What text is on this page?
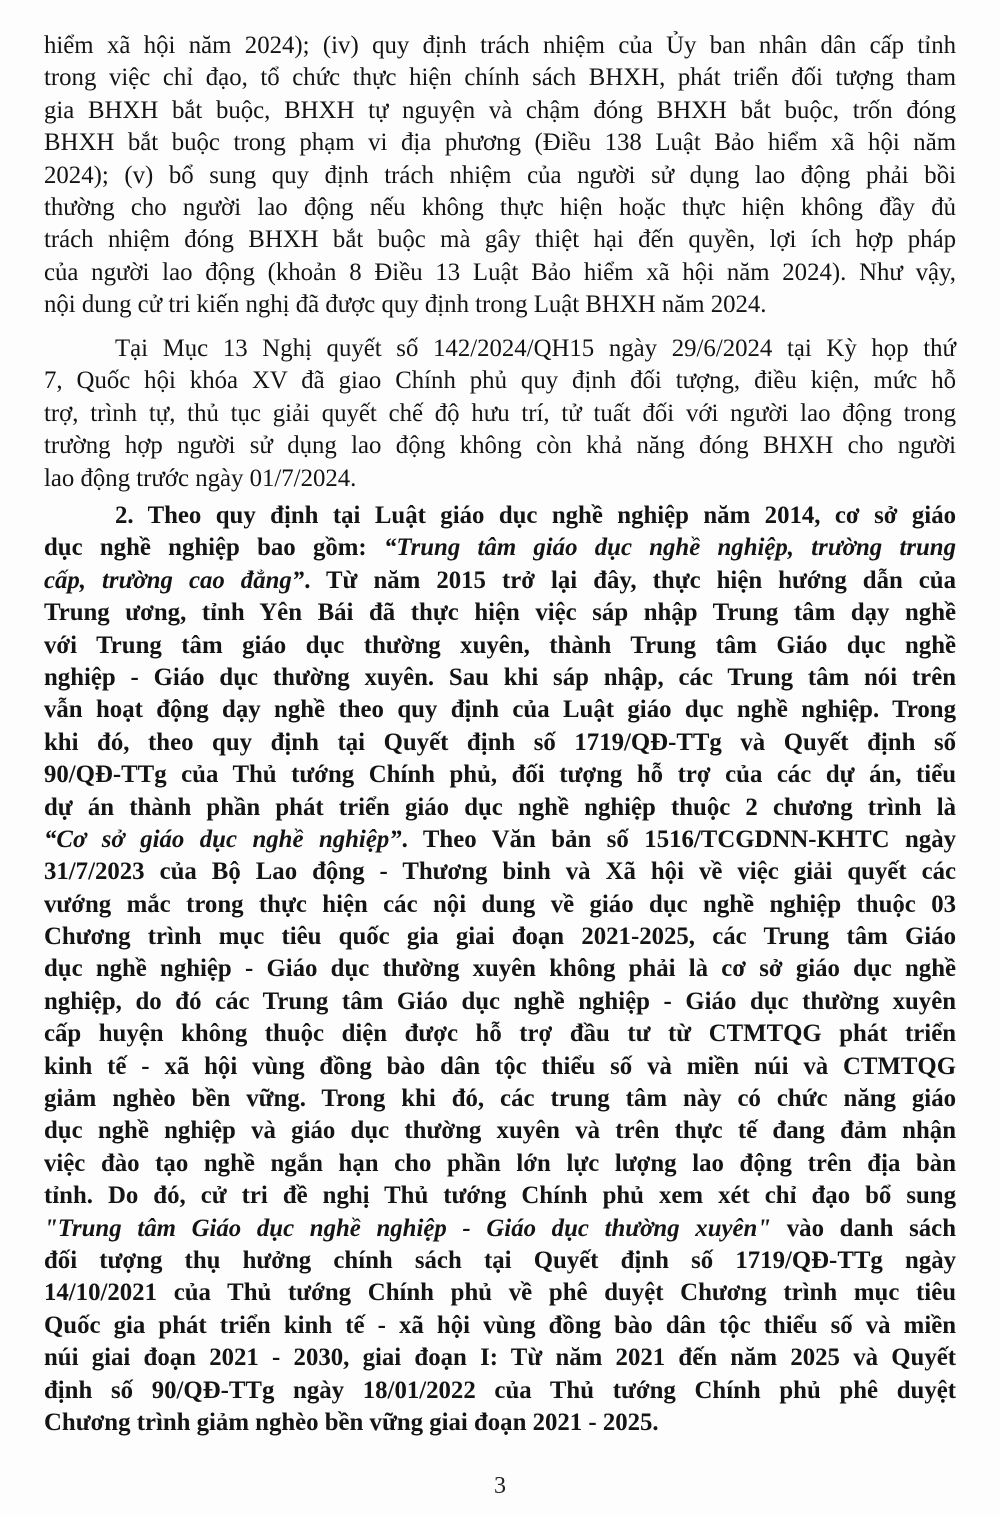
hiểm xã hội năm 2024); (iv) quy định trách nhiệm của Ủy ban nhân dân cấp tỉnh
trong việc chỉ đạo, tổ chức thực hiện chính sách BHXH, phát triển đối tượng tham
gia BHXH bắt buộc, BHXH tự nguyện và chậm đóng BHXH bắt buộc, trốn đóng
BHXH bắt buộc trong phạm vi địa phương (Điều 138 Luật Bảo hiểm xã hội năm
2024); (v) bổ sung quy định trách nhiệm của người sử dụng lao động phải bồi
thường cho người lao động nếu không thực hiện hoặc thực hiện không đầy đủ
trách nhiệm đóng BHXH bắt buộc mà gây thiệt hại đến quyền, lợi ích hợp pháp
của người lao động (khoản 8 Điều 13 Luật Bảo hiểm xã hội năm 2024). Như vậy,
nội dung cử tri kiến nghị đã được quy định trong Luật BHXH năm 2024.
Tại Mục 13 Nghị quyết số 142/2024/QH15 ngày 29/6/2024 tại Kỳ họp thứ
7, Quốc hội khóa XV đã giao Chính phủ quy định đối tượng, điều kiện, mức hỗ
trợ, trình tự, thủ tục giải quyết chế độ hưu trí, tử tuất đối với người lao động trong
trường hợp người sử dụng lao động không còn khả năng đóng BHXH cho người
lao động trước ngày 01/7/2024.
2. Theo quy định tại Luật giáo dục nghề nghiệp năm 2014, cơ sở giáo
dục nghề nghiệp bao gồm: “Trung tâm giáo dục nghề nghiệp, trường trung
cấp, trường cao đẳng”. Từ năm 2015 trở lại đây, thực hiện hướng dẫn của
Trung ương, tỉnh Yên Bái đã thực hiện việc sáp nhập Trung tâm dạy nghề
với Trung tâm giáo dục thường xuyên, thành Trung tâm Giáo dục nghề
nghiệp - Giáo dục thường xuyên. Sau khi sáp nhập, các Trung tâm nói trên
vẫn hoạt động dạy nghề theo quy định của Luật giáo dục nghề nghiệp. Trong
khi đó, theo quy định tại Quyết định số 1719/QĐ-TTg và Quyết định số
90/QĐ-TTg của Thủ tướng Chính phủ, đối tượng hỗ trợ của các dự án, tiểu
dự án thành phần phát triển giáo dục nghề nghiệp thuộc 2 chương trình là
“Cơ sở giáo dục nghề nghiệp”. Theo Văn bản số 1516/TCGDNN-KHTC ngày
31/7/2023 của Bộ Lao động - Thương binh và Xã hội về việc giải quyết các
vướng mắc trong thực hiện các nội dung về giáo dục nghề nghiệp thuộc 03
Chương trình mục tiêu quốc gia giai đoạn 2021-2025, các Trung tâm Giáo
dục nghề nghiệp - Giáo dục thường xuyên không phải là cơ sở giáo dục nghề
nghiệp, do đó các Trung tâm Giáo dục nghề nghiệp - Giáo dục thường xuyên
cấp huyện không thuộc diện được hỗ trợ đầu tư từ CTMTQG phát triển
kinh tế - xã hội vùng đồng bào dân tộc thiểu số và miền núi và CTMTQG
giảm nghèo bền vững. Trong khi đó, các trung tâm này có chức năng giáo
dục nghề nghiệp và giáo dục thường xuyên và trên thực tế đang đảm nhận
việc đào tạo nghề ngắn hạn cho phần lớn lực lượng lao động trên địa bàn
tỉnh. Do đó, cử tri đề nghị Thủ tướng Chính phủ xem xét chỉ đạo bổ sung
"Trung tâm Giáo dục nghề nghiệp - Giáo dục thường xuyên" vào danh sách
đối tượng thụ hưởng chính sách tại Quyết định số 1719/QĐ-TTg ngày
14/10/2021 của Thủ tướng Chính phủ về phê duyệt Chương trình mục tiêu
Quốc gia phát triển kinh tế - xã hội vùng đồng bào dân tộc thiểu số và miền
núi giai đoạn 2021 - 2030, giai đoạn I: Từ năm 2021 đến năm 2025 và Quyết
định số 90/QĐ-TTg ngày 18/01/2022 của Thủ tướng Chính phủ phê duyệt
Chương trình giảm nghèo bền vững giai đoạn 2021 - 2025.
3
